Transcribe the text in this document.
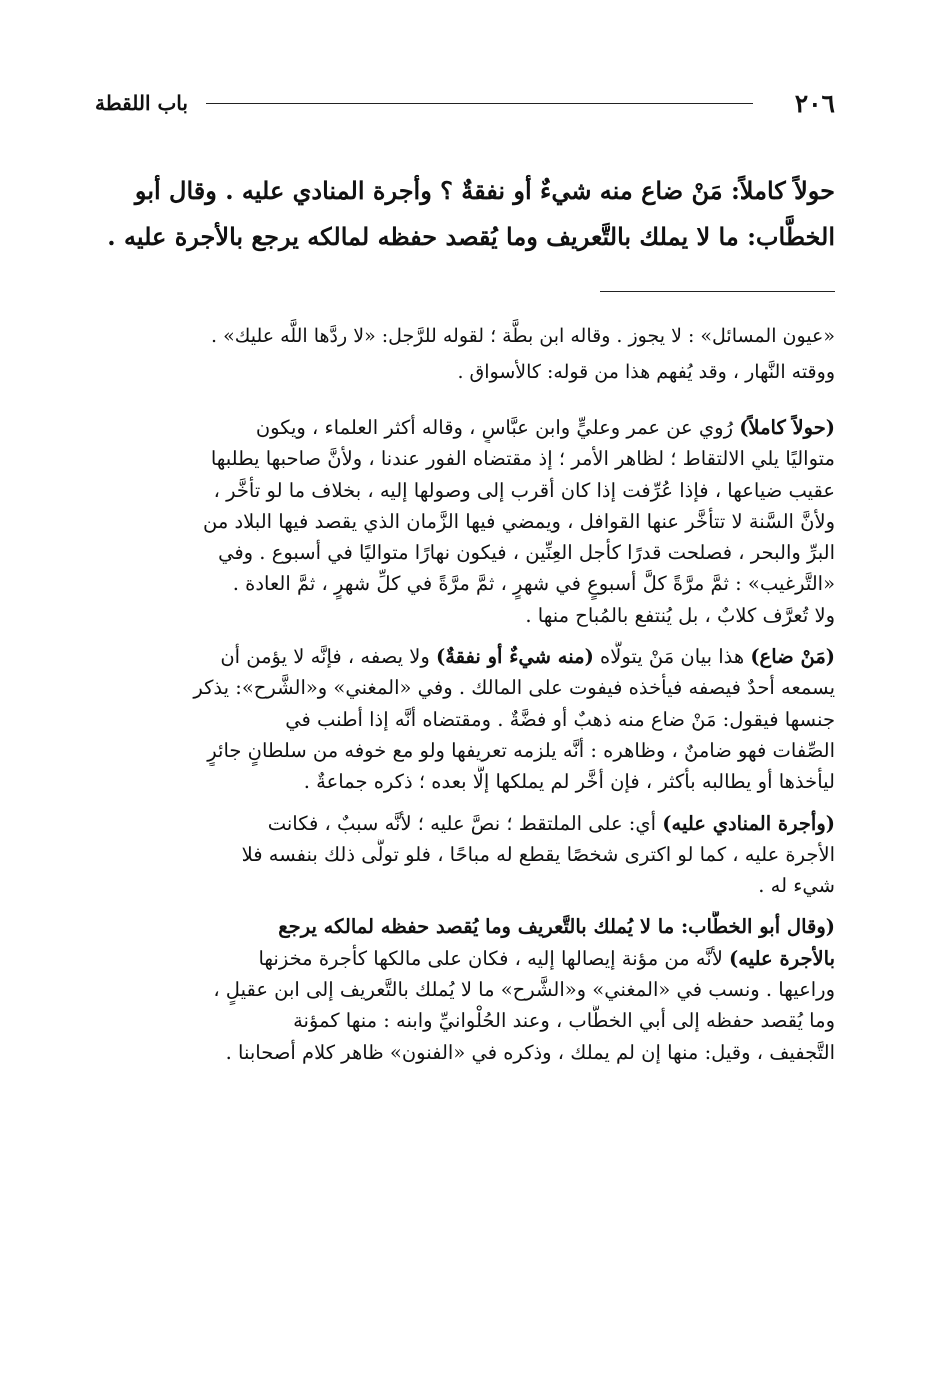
٢٠٦
باب اللقطة

حولاً كاملاً: مَنْ ضاع منه شيءٌ أو نفقةٌ ؟ وأجرة المنادي عليه . وقال أبو

الخطَّاب: ما لا يملك بالتَّعريف وما يُقصد حفظه لمالكه يرجع بالأجرة عليه .

«عيون المسائل» : لا يجوز . وقاله ابن بطَّة ؛ لقوله للرَّجل: «لا ردَّها اللَّه عليك» .

ووقته النَّهار ، وقد يُفهم هذا من قوله: كالأسواق .

(حولاً كاملاً) رُوي عن عمر وعليٍّ وابن عبَّاسٍ ، وقاله أكثر العلماء ، ويكون
متواليًا يلي الالتقاط ؛ لظاهر الأمر ؛ إذ مقتضاه الفور عندنا ، ولأنَّ صاحبها يطلبها
عقيب ضياعها ، فإذا عُرِّفت إذا كان أقرب إلى وصولها إليه ، بخلاف ما لو تأخَّر ،
ولأنَّ السَّنة لا تتأخَّر عنها القوافل ، ويمضي فيها الزَّمان الذي يقصد فيها البلاد من
البرِّ والبحر ، فصلحت قدرًا كأجل العِنِّين ، فيكون نهارًا متواليًا في أسبوع . وفي
«التَّرغيب» : ثمَّ مرَّةً كلَّ أسبوعٍ في شهرٍ ، ثمَّ مرَّةً في كلِّ شهرٍ ، ثمَّ العادة .
ولا تُعرَّف كلابٌ ، بل يُنتفع بالمُباح منها .
(مَنْ ضاع) هذا بيان مَنْ يتولَّاه (منه شيءٌ أو نفقةٌ) ولا يصفه ، فإنَّه لا يؤمن أن
يسمعه أحدٌ فيصفه فيأخذه فيفوت على المالك . وفي «المغني» و«الشَّرح»: يذكر
جنسها فيقول: مَنْ ضاع منه ذهبٌ أو فضَّةٌ . ومقتضاه أنَّه إذا أطنب في
الصِّفات فهو ضامنٌ ، وظاهره : أنَّه يلزمه تعريفها ولو مع خوفه من سلطانٍ جائرٍ
ليأخذها أو يطالبه بأكثر ، فإن أخَّر لم يملكها إلَّا بعده ؛ ذكره جماعةٌ .
(وأجرة المنادي عليه) أي: على الملتقط ؛ نصَّ عليه ؛ لأنَّه سببٌ ، فكانت
الأجرة عليه ، كما لو اكترى شخصًا يقطع له مباحًا ، فلو تولَّى ذلك بنفسه فلا
شيء له .
(وقال أبو الخطَّاب: ما لا يُملك بالتَّعريف وما يُقصد حفظه لمالكه يرجع
بالأجرة عليه) لأنَّه من مؤنة إيصالها إليه ، فكان على مالكها كأجرة مخزنها
وراعيها . ونسب في «المغني» و«الشَّرح» ما لا يُملك بالتَّعريف إلى ابن عقيلٍ ،
وما يُقصد حفظه إلى أبي الخطَّاب ، وعند الحُلْوانيِّ وابنه : منها كمؤنة
التَّجفيف ، وقيل: منها إن لم يملك ، وذكره في «الفنون» ظاهر كلام أصحابنا .
